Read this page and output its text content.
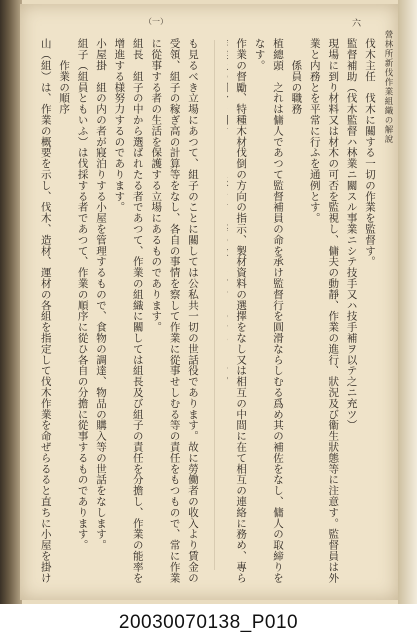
營林所新伐作業組織の解說
六
（一）
伐木主任　伐木に關する一切の作業を監督す。
監督補助（伐木監督ハ林業ニ關スル事業ニシテ技手又ハ技手補ヲ以テ之ニ充ツ）
現場に到り材料又は材木の可否を監視し、傭夫の動靜、作業の進行、狀況及び衞生狀態等に注意す。監督員は外業と内務とを平常に行ふを通例とす。
　　係員の職務
植總頭　之れは傭人であつて監督補員の命を承け監督行を圓滑ならしむる爲め其の補佐をなし、傭人の取締りをなす。
作業の督勵、特種木材伐倒の方向の指示、製材資料の選擇をなし又は相互の中間に在て相互の連絡に務め、專ら

も見るべき立場にあつて、組子のことに關しては公私共一切の世話役であります。故に勞働者の收入より賃金の受領、組子の稼ぎ高の計算等をなし、各自の事情を察して作業に從事せしむる等の責任をもつもので、常に作業に從事する者の生活を保護する立場にあるものであります。
組長　組子の中から選ばれたる者であつて、作業の組織に關しては組長及び組子の責任を分擔し、作業の能率を增進する様努力するのであります。
小屋掛　組の内の者が寢泊りする小屋を管理するもので、食物の調達、物品の購入等の世話をなします。
組子（組員ともいふ）は伐採する者であつて、作業の順序に從ひ各自の分擔に從事するものであります。
　　作業の順序
山（組）は、作業の概要を示し、伐木、造材、運材の各組を指定して伐木作業を命ぜらるると直ちに小屋を掛け
20030070138_P010
